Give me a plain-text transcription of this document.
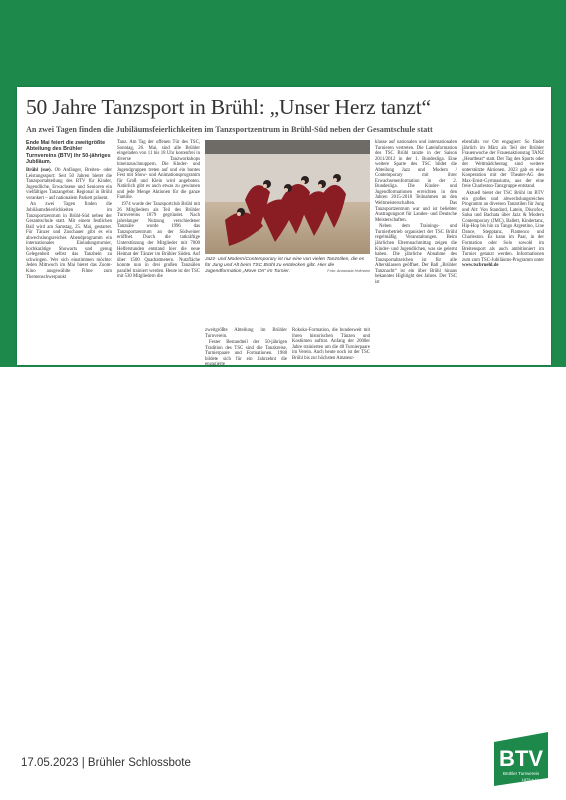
50 Jahre Tanzsport in Brühl: „Unser Herz tanzt“
An zwei Tagen finden die Jubiläumsfeierlichkeiten im Tanzsportzentrum in Brühl-Süd neben der Gesamtschule statt
Ende Mai feiert die zweitgrößte Abteilung des Brühler Turnvereins (BTV) ihr 50-jähriges Jubiläum.

Brühl (sue). Ob Anfänger, Breiten- oder Leistungssport: Seit 50 Jahren bietet die Tanzsportabteilung des BTV für Kinder, Jugendliche, Erwachsene und Senioren ein vielfältiges Tanzangebot. Regional in Brühl verankert – auf nationalem Parkett präsent.

An zwei Tagen finden die Jubiläumsfeierlichkeiten im Tanzsportzentrum in Brühl-Süd neben der Gesamtschule statt. Mit einem festlichen Ball wird am Samstag, 25. Mai, gestartet. Für Tänzer und Zuschauer gibt es ein abwechslungsreiches Abendprogramm ein internationales Einladungsturnier, hochkarätige Showacts und genug Gelegenheit selbst das Tanzbein zu schwingen. Wer sich einstimmen möchte: Jeden Mittwoch im Mai bietet das Zoom-Kino ausgewählte Filme zum Themenschwerpunkt

Tanz. Am Tag der offenen Tür des TSC, Sonntag, 26. Mai, sind alle Brühler eingeladen von 11 bis 18 Uhr kostenfrei in diverse Tanzworkshops hineinzuschnuppern. Die Kinder- und Jugendgruppen treten auf und ein buntes Fest mit Show- und Animationsprogramm für Groß und Klein wird angeboten. Natürlich gibt es auch etwas zu gewinnen und jede Menge Aktionen für die ganze Familie.

1974 wurde der Tanzsportclub Brühl mit 26 Mitgliedern als Teil des Brühler Turnvereins 1879 gegründet. Nach jahrelanger Nutzung verschiedener Tanzsäle wurde 1996 das Tanzsportzentrum an der Südweiner eröffnet. Durch die tatkräftige Unterstützung der Mitglieder mit 7000 Helferstunden entstand hier die neue Heimat der Tänzer im Brühler Süden. Auf über 1500 Quadratmetern. Nutzfläche konnte nun in drei großen Tanzsälen parallel trainiert werden. Heute ist der TSC mit 530 Mitgliedern die

Jazz- und Modern/Contemporary ist nur eine von vielen Tanzstilen, die es für Jung und Alt beim TSC Brühl zu entdecken gibt. Hier die Jugendformation „Move On“ im Turnier.	Foto: Anastasia Hofmann

zweitgrößte Abteilung im Brühler Turnverein.

Fester Bestandteil der 50-jährigen Tradition des TSC sind die Tanzkreise, Turnierpaare und Formationen. 1988 bildete sich für ein Jahrzehnt die engagierte

Rokoko-Formation, die bundesweit mit ihren historischen Tänzen und Kostümen auftrat. Anfang der 2000er Jahre trainierten um die 40 Turnierpaare im Verein. Auch heute noch ist der TSC Brühl bis zur höchsten Amateur-

klasse auf nationalen und internationalen Turnieren vertreten. Die Lateinformation des TSC Brühl tanzte in der Saison 2011/2012 in der 1. Bundesliga. Eine weitere Sparte des TSC bildet die Abteilung Jazz und Modern / Contemporary mit ihrer Erwachsenenformation in der 2. Bundesliga. Die Kinder- und Jugendformationen erreichten in den Jahren 2015-2018 Teilnahmen an den Weltmeisterschaften. Das Tanzsportzentrum war und ist beliebter Austragungsort für Landes- und Deutsche Meisterschaften.

Neben dem Trainings- und Turnierbetrieb organisiert der TSC Brühl regelmäßig Veranstaltungen. Beim jährlichen Elternnachmittag zeigen die Kinder- und Jugendlichen, was sie gelernt haben. Die jährliche Abnahme des Tanzsportabzeichen ist für alle Altersklassen geöffnet. Der Ball „Brühler Tanznacht“ ist ein über Brühl hinaus bekanntes Highlight des Jahres. Der TSC ist

ebenfalls vor Ort engagiert: So findet jährlich im März als Teil der Brühler Frauenwoche der Frauenaktionstag TANZ „Heartbeat“ statt. Der Tag des Sports oder der Weltmädchentag sind weitere unterstützte Aktionen. 2023 gab es eine Kooperation mit der Theater-AG des Max-Ernst-Gymnasiums, aus der eine freie Charleston-Tanzgruppe entstand.

Aktuell bietet der TSC Brühl im BTV ein großes und abwechslungsreiches Programm an diversen Tanzstilen für Jung und Alt: Von Standard, Latein, Discofox, Salsa und Bachata über Jazz & Modern Contemporary (JMC), Ballett, Kindertanz, Hip-Hop bis hin zu Tango Argentino, Line Dance, Stepptanz, Flamenco und Charleston. Es kann im Paar, in der Formation oder Solo sowohl im Breitensport als auch ambitioniert im Turnier getanzt werden. Informationen zum zum TSC-Jubiläums-Programm unter www.tscbruehl.de

17.05.2023 | Brühler Schlossbote	BTV
Brühler Turnverein
1879 e.V.
